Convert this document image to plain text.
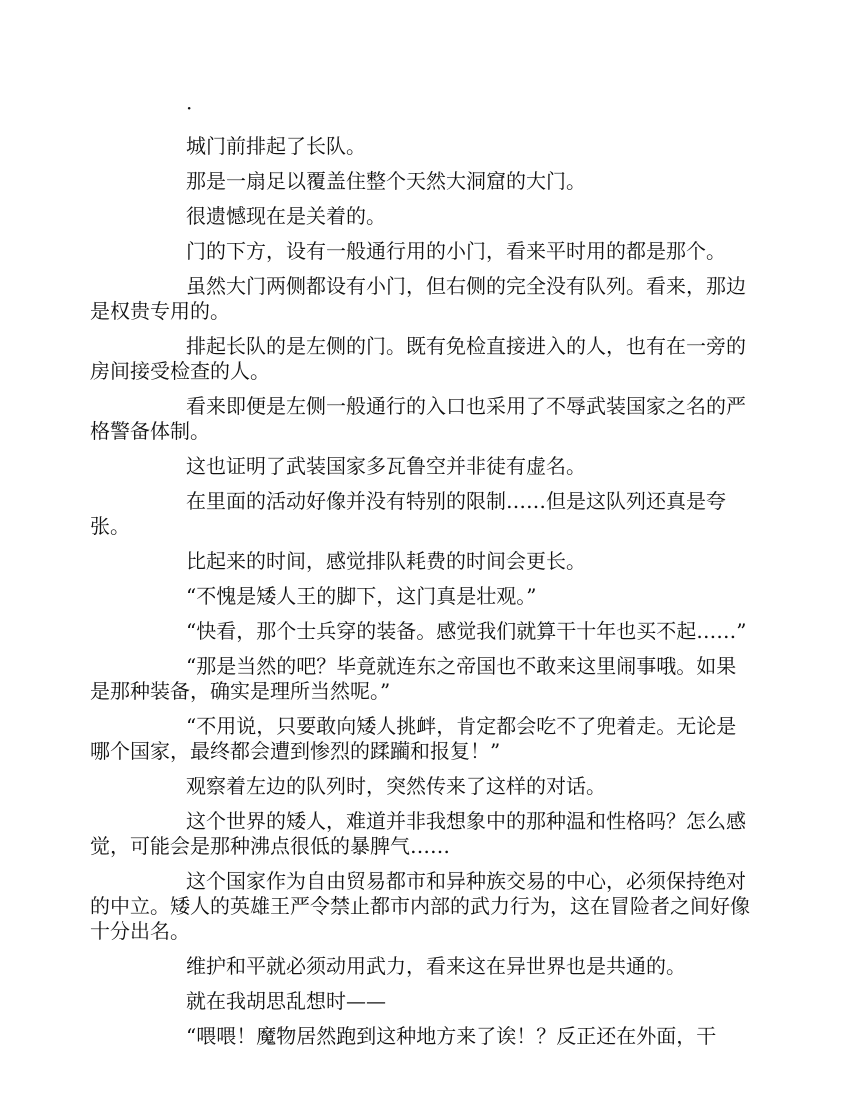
·

城门前排起了长队。

那是一扇足以覆盖住整个天然大洞窟的大门。

很遗憾现在是关着的。

门的下方，设有一般通行用的小门，看来平时用的都是那个。

虽然大门两侧都设有小门，但右侧的完全没有队列。看来，那边是权贵专用的。

排起长队的是左侧的门。既有免检直接进入的人，也有在一旁的房间接受检查的人。

看来即便是左侧一般通行的入口也采用了不辱武装国家之名的严格警备体制。

这也证明了武装国家多瓦鲁空并非徒有虚名。

在里面的活动好像并没有特别的限制……但是这队列还真是夸张。

比起来的时间，感觉排队耗费的时间会更长。

“不愧是矮人王的脚下，这门真是壮观。”

“快看，那个士兵穿的装备。感觉我们就算干十年也买不起……”

“那是当然的吧？毕竟就连东之帝国也不敢来这里闹事哦。如果是那种装备，确实是理所当然呢。”

“不用说，只要敢向矮人挑衅，肯定都会吃不了兜着走。无论是哪个国家，最终都会遭到惨烈的蹂躏和报复！”

观察着左边的队列时，突然传来了这样的对话。

这个世界的矮人，难道并非我想象中的那种温和性格吗？怎么感觉，可能会是那种沸点很低的暴脾气……

这个国家作为自由贸易都市和异种族交易的中心，必须保持绝对的中立。矮人的英雄王严令禁止都市内部的武力行为，这在冒险者之间好像十分出名。

维护和平就必须动用武力，看来这在异世界也是共通的。

就在我胡思乱想时——

“喂喂！魔物居然跑到这种地方来了诶！？反正还在外面，干
